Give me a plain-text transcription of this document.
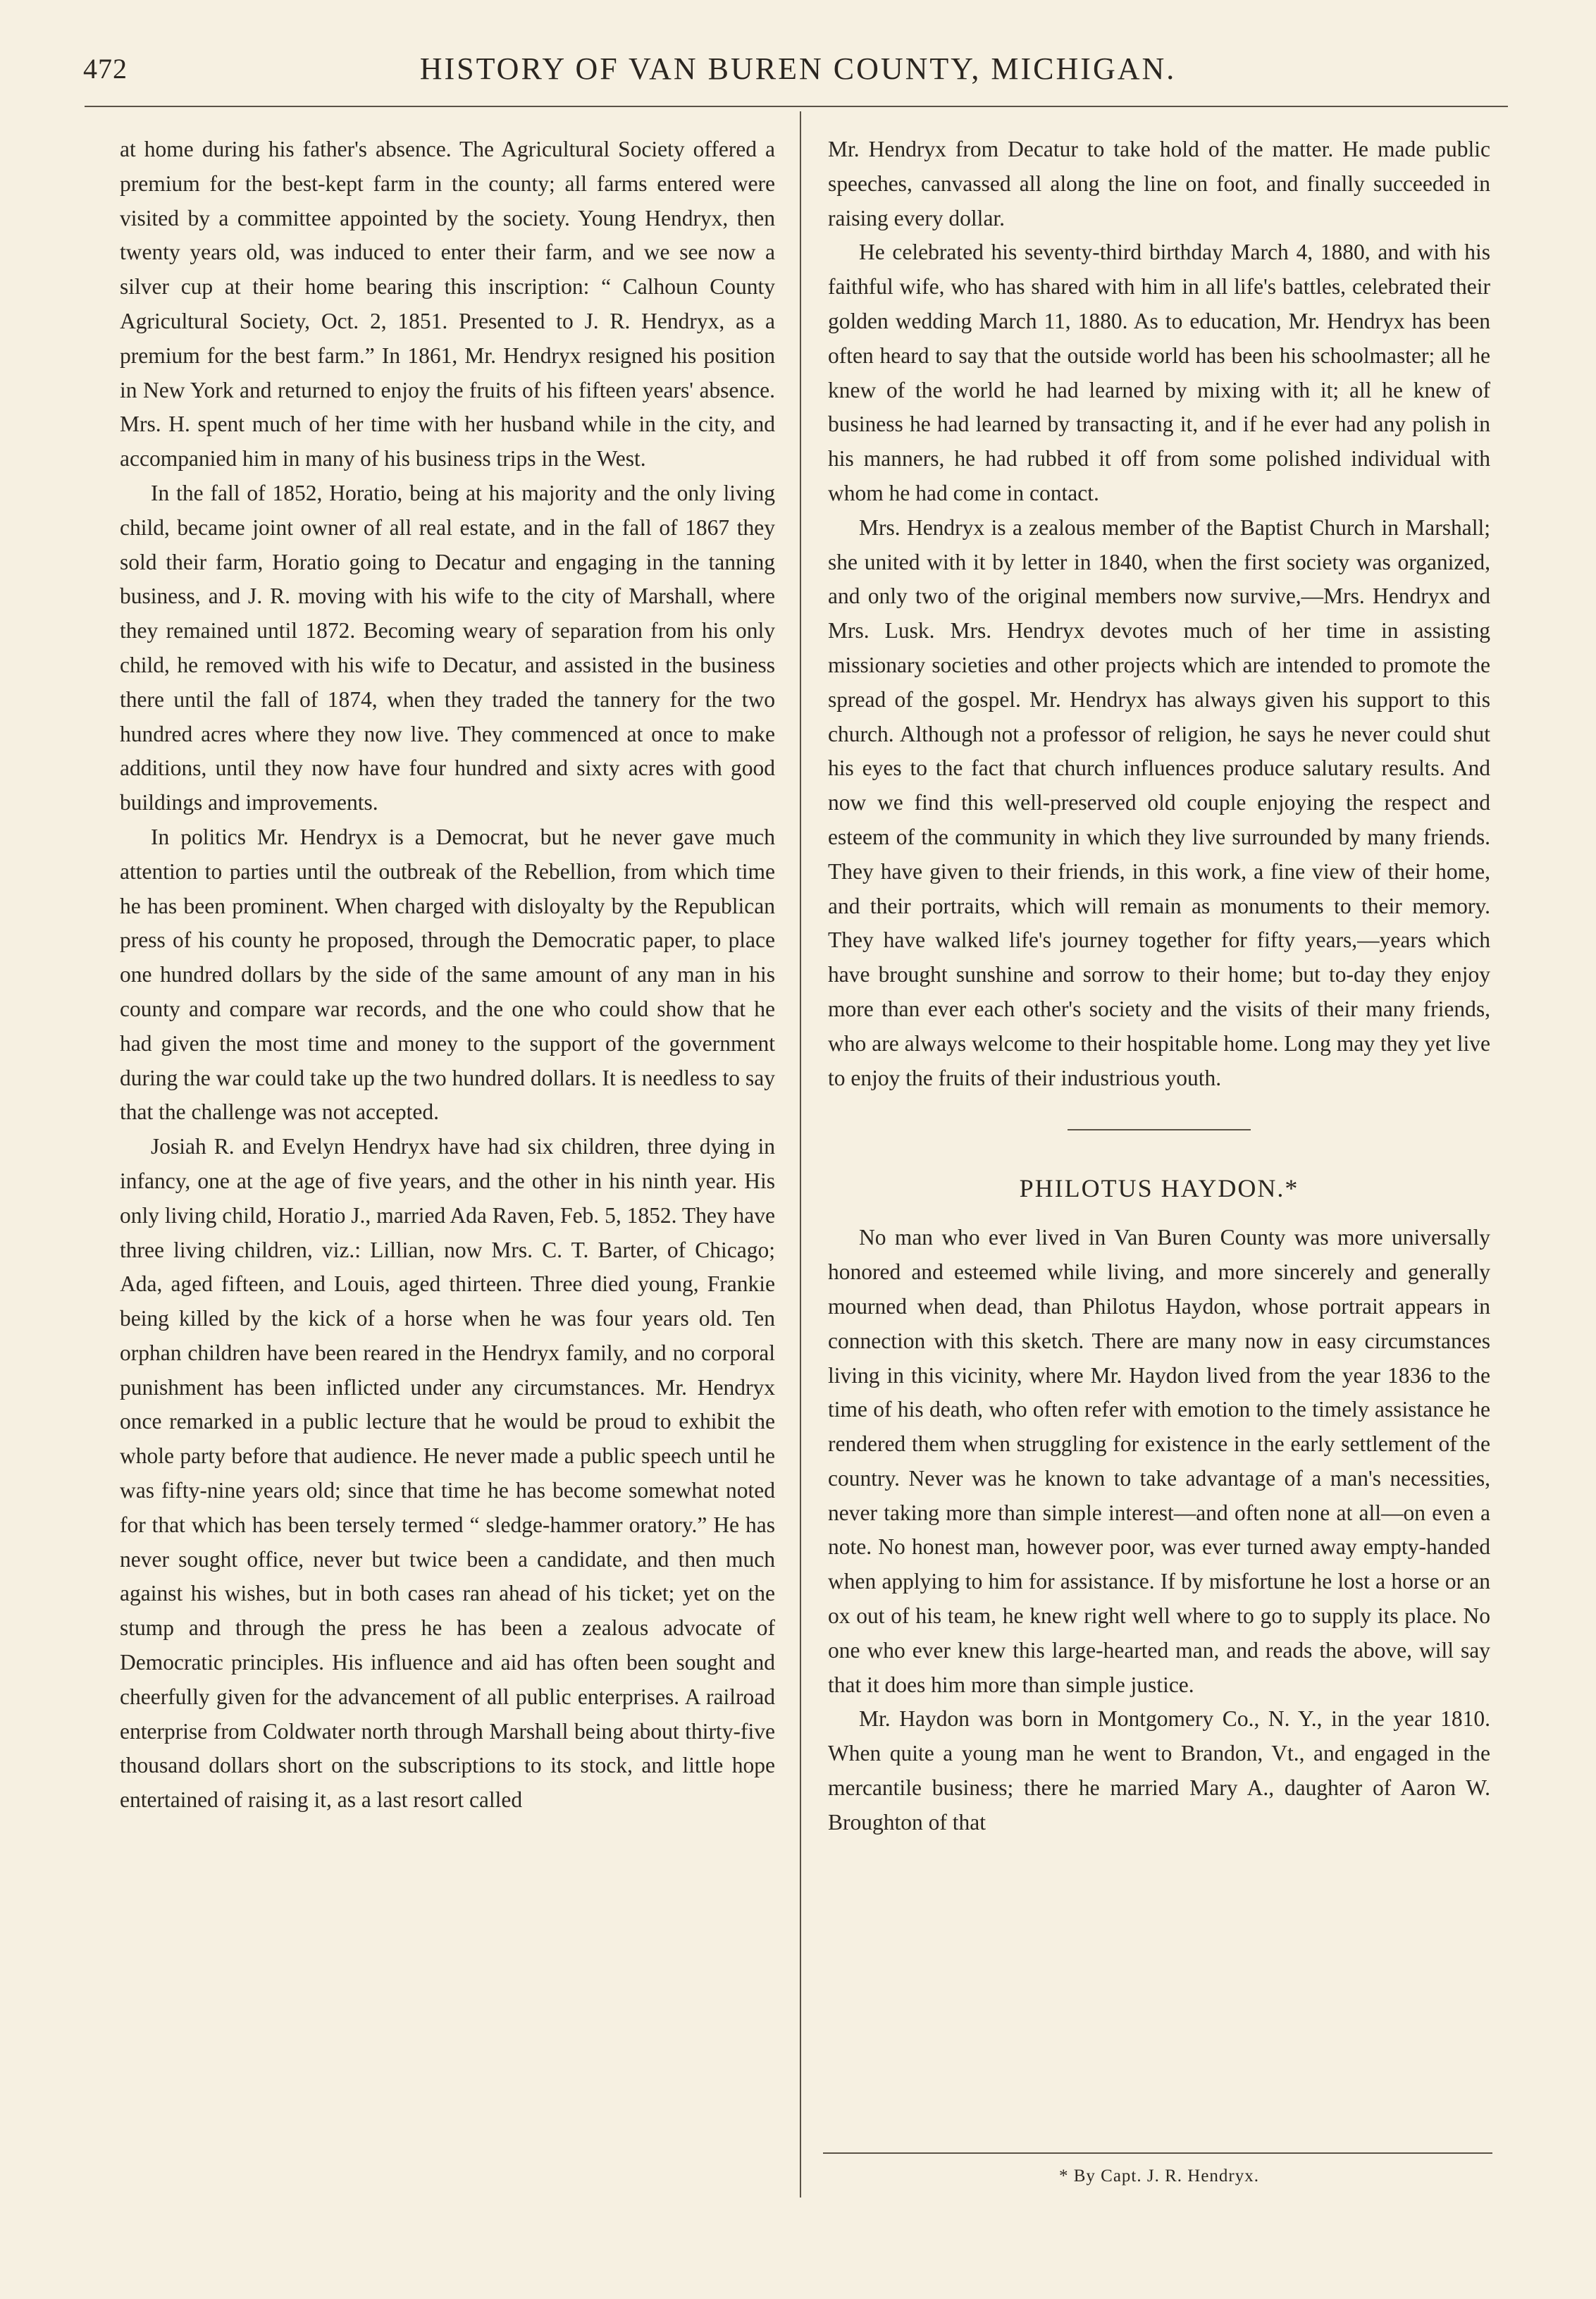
472	HISTORY OF VAN BUREN COUNTY, MICHIGAN.

at home during his father's absence. The Agricultural Society offered a premium for the best-kept farm in the county; all farms entered were visited by a committee appointed by the society. Young Hendryx, then twenty years old, was induced to enter their farm, and we see now a silver cup at their home bearing this inscription: “ Calhoun County Agricultural Society, Oct. 2, 1851. Presented to J. R. Hendryx, as a premium for the best farm.” In 1861, Mr. Hendryx resigned his position in New York and returned to enjoy the fruits of his fifteen years' absence. Mrs. H. spent much of her time with her husband while in the city, and accompanied him in many of his business trips in the West.

In the fall of 1852, Horatio, being at his majority and the only living child, became joint owner of all real estate, and in the fall of 1867 they sold their farm, Horatio going to Decatur and engaging in the tanning business, and J. R. moving with his wife to the city of Marshall, where they remained until 1872. Becoming weary of separation from his only child, he removed with his wife to Decatur, and assisted in the business there until the fall of 1874, when they traded the tannery for the two hundred acres where they now live. They commenced at once to make additions, until they now have four hundred and sixty acres with good buildings and improvements.

In politics Mr. Hendryx is a Democrat, but he never gave much attention to parties until the outbreak of the Rebellion, from which time he has been prominent. When charged with disloyalty by the Republican press of his county he proposed, through the Democratic paper, to place one hundred dollars by the side of the same amount of any man in his county and compare war records, and the one who could show that he had given the most time and money to the support of the government during the war could take up the two hundred dollars. It is needless to say that the challenge was not accepted.

Josiah R. and Evelyn Hendryx have had six children, three dying in infancy, one at the age of five years, and the other in his ninth year. His only living child, Horatio J., married Ada Raven, Feb. 5, 1852. They have three living children, viz.: Lillian, now Mrs. C. T. Barter, of Chicago; Ada, aged fifteen, and Louis, aged thirteen. Three died young, Frankie being killed by the kick of a horse when he was four years old. Ten orphan children have been reared in the Hendryx family, and no corporal punishment has been inflicted under any circumstances. Mr. Hendryx once remarked in a public lecture that he would be proud to exhibit the whole party before that audience. He never made a public speech until he was fifty-nine years old; since that time he has become somewhat noted for that which has been tersely termed “ sledge-hammer oratory.” He has never sought office, never but twice been a candidate, and then much against his wishes, but in both cases ran ahead of his ticket; yet on the stump and through the press he has been a zealous advocate of Democratic principles. His influence and aid has often been sought and cheerfully given for the advancement of all public enterprises. A railroad enterprise from Coldwater north through Marshall being about thirty-five thousand dollars short on the subscriptions to its stock, and little hope entertained of raising it, as a last resort called

Mr. Hendryx from Decatur to take hold of the matter. He made public speeches, canvassed all along the line on foot, and finally succeeded in raising every dollar.

He celebrated his seventy-third birthday March 4, 1880, and with his faithful wife, who has shared with him in all life's battles, celebrated their golden wedding March 11, 1880. As to education, Mr. Hendryx has been often heard to say that the outside world has been his schoolmaster; all he knew of the world he had learned by mixing with it; all he knew of business he had learned by transacting it, and if he ever had any polish in his manners, he had rubbed it off from some polished individual with whom he had come in contact.

Mrs. Hendryx is a zealous member of the Baptist Church in Marshall; she united with it by letter in 1840, when the first society was organized, and only two of the original members now survive,—Mrs. Hendryx and Mrs. Lusk. Mrs. Hendryx devotes much of her time in assisting missionary societies and other projects which are intended to promote the spread of the gospel. Mr. Hendryx has always given his support to this church. Although not a professor of religion, he says he never could shut his eyes to the fact that church influences produce salutary results. And now we find this well-preserved old couple enjoying the respect and esteem of the community in which they live surrounded by many friends. They have given to their friends, in this work, a fine view of their home, and their portraits, which will remain as monuments to their memory. They have walked life's journey together for fifty years,—years which have brought sunshine and sorrow to their home; but to-day they enjoy more than ever each other's society and the visits of their many friends, who are always welcome to their hospitable home. Long may they yet live to enjoy the fruits of their industrious youth.

PHILOTUS HAYDON.*

No man who ever lived in Van Buren County was more universally honored and esteemed while living, and more sincerely and generally mourned when dead, than Philotus Haydon, whose portrait appears in connection with this sketch. There are many now in easy circumstances living in this vicinity, where Mr. Haydon lived from the year 1836 to the time of his death, who often refer with emotion to the timely assistance he rendered them when struggling for existence in the early settlement of the country. Never was he known to take advantage of a man's necessities, never taking more than simple interest—and often none at all—on even a note. No honest man, however poor, was ever turned away empty-handed when applying to him for assistance. If by misfortune he lost a horse or an ox out of his team, he knew right well where to go to supply its place. No one who ever knew this large-hearted man, and reads the above, will say that it does him more than simple justice.

Mr. Haydon was born in Montgomery Co., N. Y., in the year 1810. When quite a young man he went to Brandon, Vt., and engaged in the mercantile business; there he married Mary A., daughter of Aaron W. Broughton of that

* By Capt. J. R. Hendryx.
